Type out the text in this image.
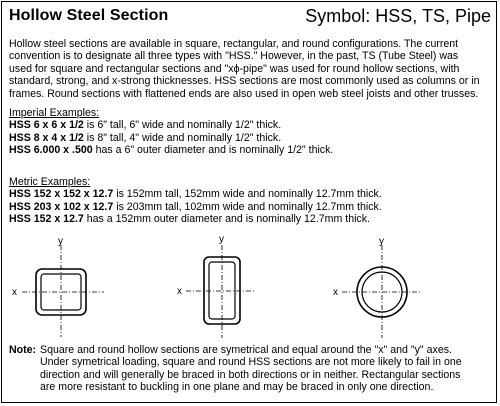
Hollow Steel Section	Symbol: HSS, TS, Pipe
Hollow steel sections are available in square, rectangular, and round configurations. The current
convention is to designate all three types with "HSS." However, in the past, TS (Tube Steel) was
used for square and rectangular sections and "xϕ-pipe" was used for round hollow sections, with
standard, strong, and x-strong thicknesses. HSS sections are most commonly used as columns or in
frames. Round sections with flattened ends are also used in open web steel joists and other trusses.
Imperial Examples:
HSS 6 x 6 x 1/2 is 6" tall, 6" wide and nominally 1/2" thick.
HSS 8 x 4 x 1/2 is 8" tall, 4" wide and nominally 1/2" thick.
HSS 6.000 x .500 has a 6" outer diameter and is nominally 1/2" thick.
Metric Examples:
HSS 152 x 152 x 12.7 is 152mm tall, 152mm wide and nominally 12.7mm thick.
HSS 203 x 102 x 12.7 is 203mm tall, 102mm wide and nominally 12.7mm thick.
HSS 152 x 12.7 has a 152mm outer diameter and is nominally 12.7mm thick.
x
y
x
y
x
y
Note: Square and round hollow sections are symetrical and equal around the "x" and "y" axes.
Under symetrical loading, square and round HSS sections are not more likely to fail in one
direction and will generally be braced in both directions or in neither. Rectangular sections
are more resistant to buckling in one plane and may be braced in only one direction.
